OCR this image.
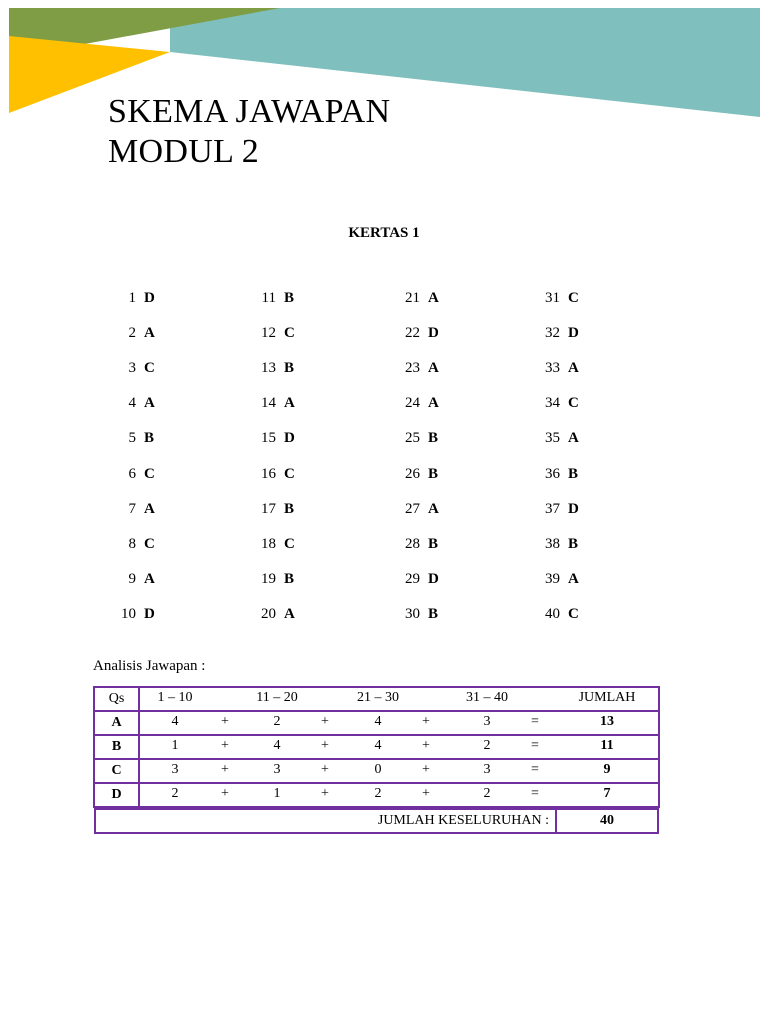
SKEMA JAWAPAN
MODUL 2
KERTAS 1
1 D
2 A
3 C
4 A
5 B
6 C
7 A
8 C
9 A
10 D
11 B
12 C
13 B
14 A
15 D
16 C
17 B
18 C
19 B
20 A
21 A
22 D
23 A
24 A
25 B
26 B
27 A
28 B
29 D
30 B
31 C
32 D
33 A
34 C
35 A
36 B
37 D
38 B
39 A
40 C
Analisis Jawapan :
Qs	1 – 10	11 – 20	21 – 30	31 – 40	JUMLAH

A	4	+	2	+	4	+	3	=	13

B	1	+	4	+	4	+	2	=	11

C	3	+	3	+	0	+	3	=	9

D	2	+	1	+	2	+	2	=	7

JUMLAH KESELURUHAN :	40
